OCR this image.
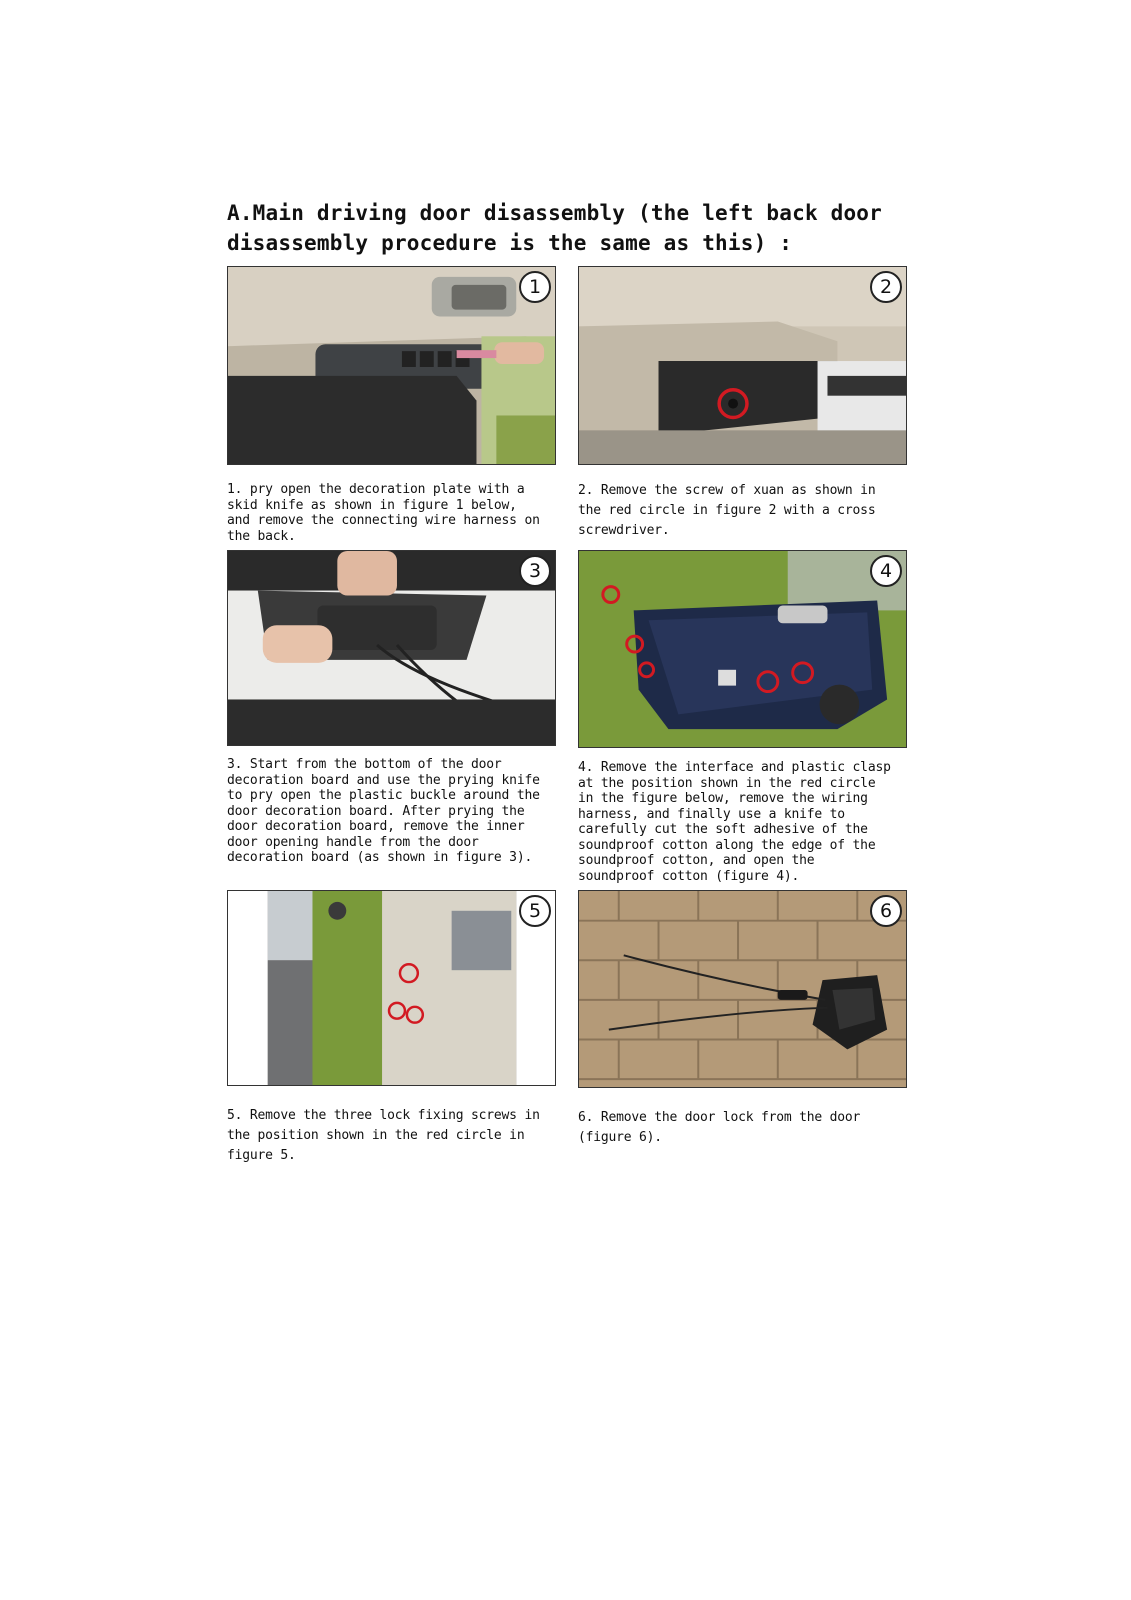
A.Main driving door disassembly (the left back door disassembly procedure is the same as this) :
1	2

1. pry open the decoration plate with a skid knife as shown in figure 1 below, and remove the connecting wire harness on the back.

2. Remove the screw of xuan as shown in the red circle in figure 2 with a cross screwdriver.

3	4

3. Start from the bottom of the door decoration board and use the prying knife to pry open the plastic buckle around the door decoration board. After prying the door decoration board, remove the inner door opening handle from the door decoration board (as shown in figure 3).

4. Remove the interface and plastic clasp at the position shown in the red circle in the figure below, remove the wiring harness, and finally use a knife to carefully cut the soft adhesive of the soundproof cotton along the edge of the soundproof cotton, and open the soundproof cotton (figure 4).

5	6

5. Remove the three lock fixing screws in the position shown in the red circle in figure 5.

6. Remove the door lock from the door (figure 6).
